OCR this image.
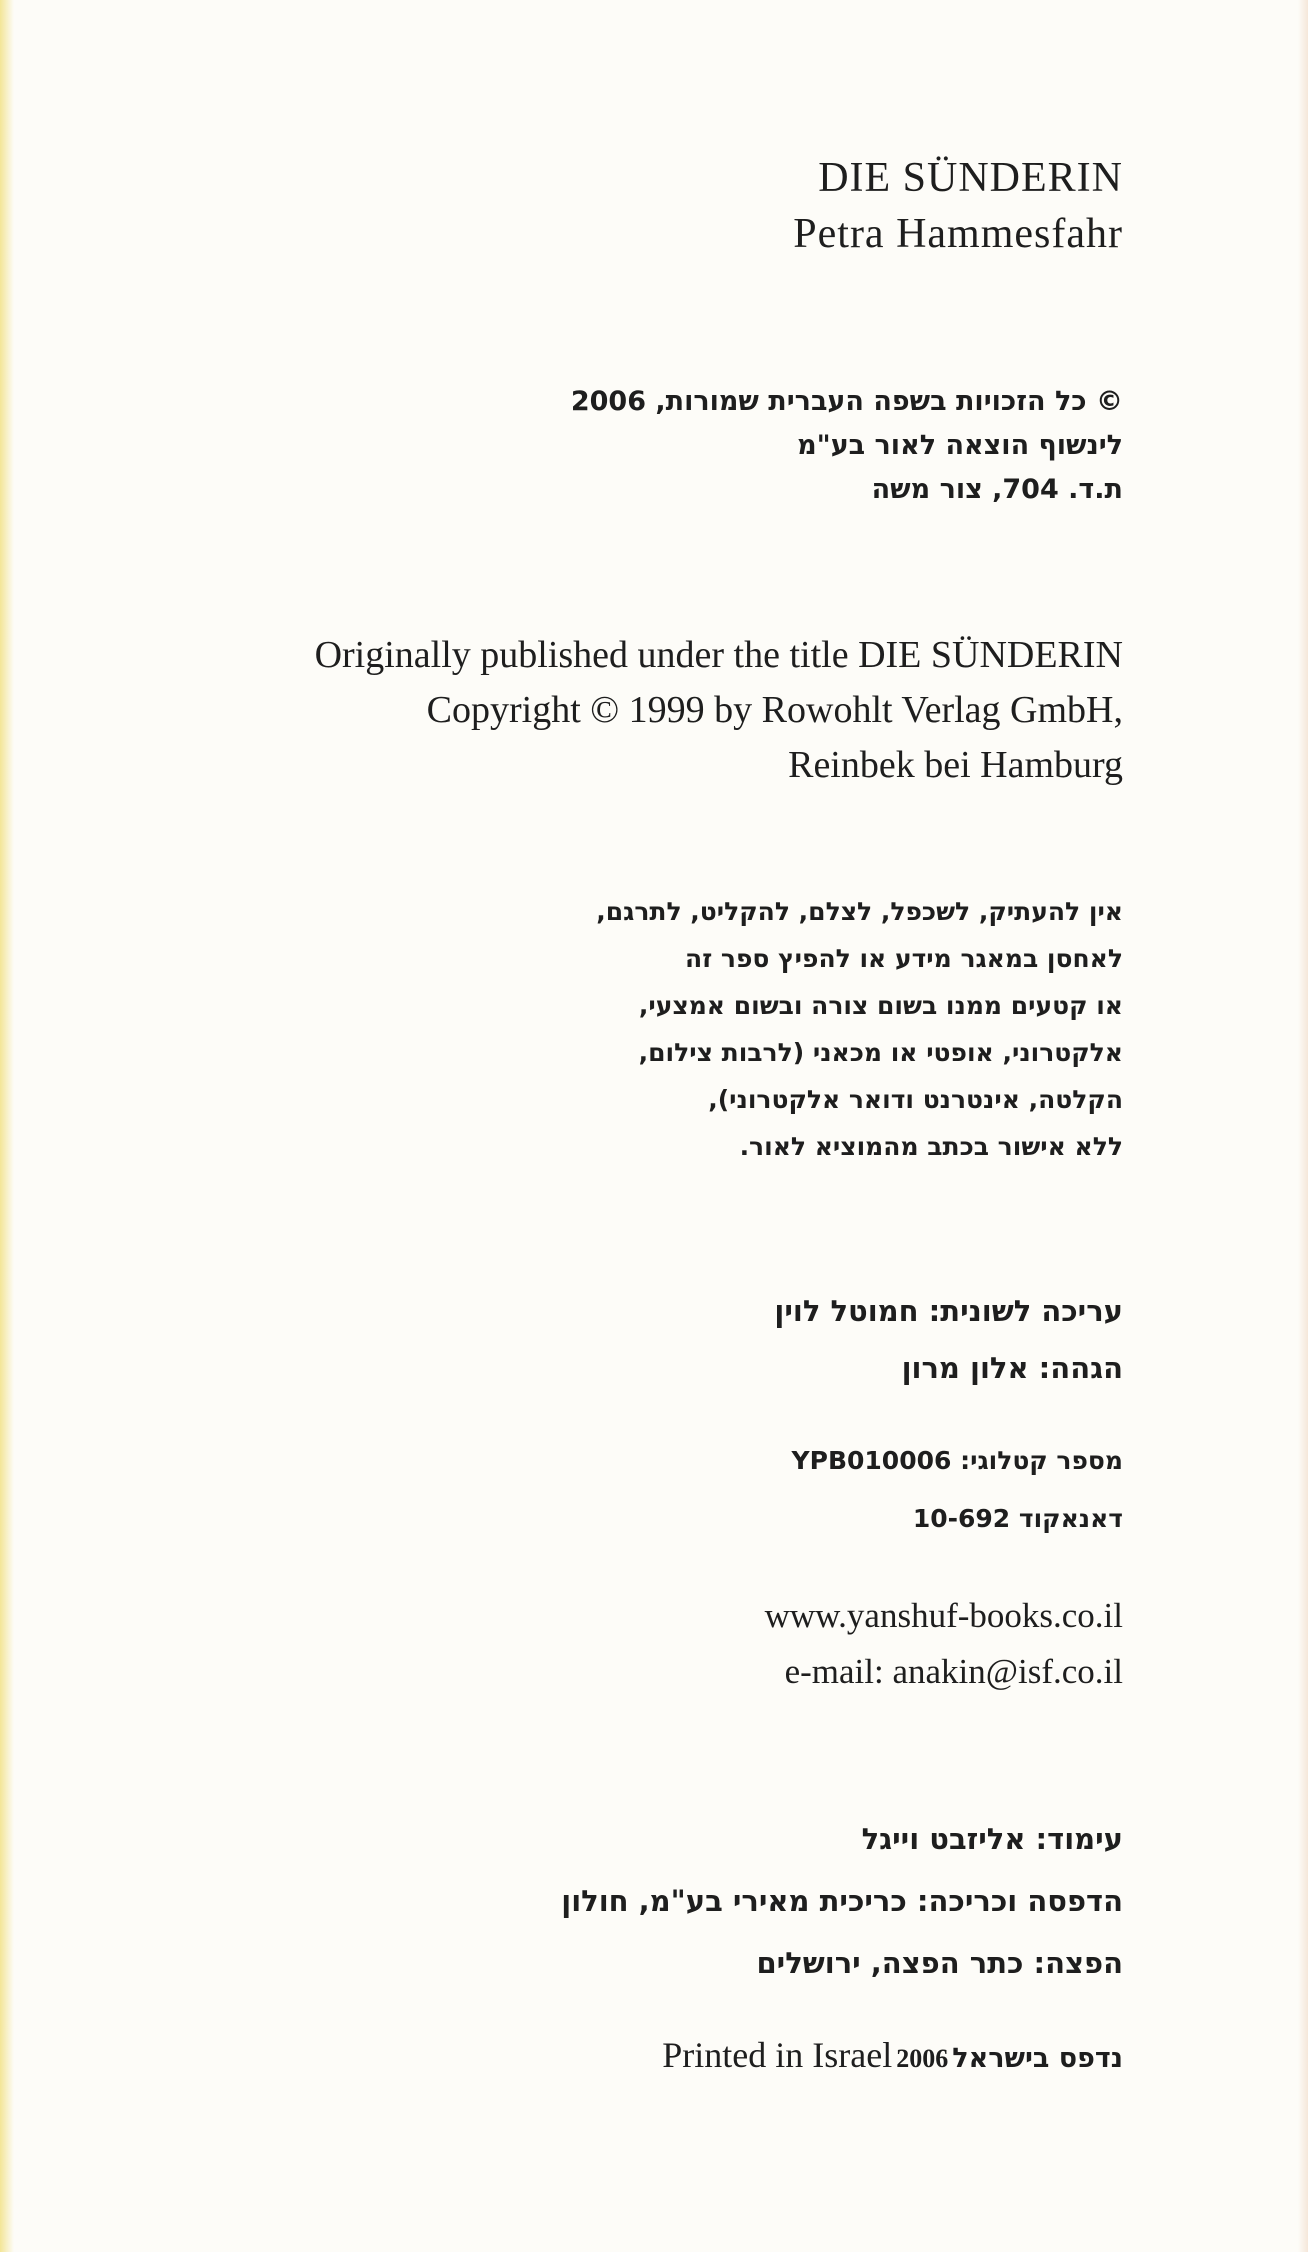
DIE SÜNDERIN
Petra Hammesfahr
© כל הזכויות בשפה העברית שמורות, 2006
לינשוף הוצאה לאור בע"מ
ת.ד. 704, צור משה
Originally published under the title DIE SÜNDERIN
Copyright © 1999 by Rowohlt Verlag GmbH,
Reinbek bei Hamburg
אין להעתיק, לשכפל, לצלם, להקליט, לתרגם,
לאחסן במאגר מידע או להפיץ ספר זה
או קטעים ממנו בשום צורה ובשום אמצעי,
אלקטרוני, אופטי או מכאני (לרבות צילום,
הקלטה, אינטרנט ודואר אלקטרוני),
ללא אישור בכתב מהמוציא לאור.
עריכה לשונית: חמוטל לוין
הגהה: אלון מרון
מספר קטלוגי: YPB010006
דאנאקוד 10-692
www.yanshuf-books.co.il
e-mail: anakin@isf.co.il
עימוד: אליזבט וייגל
הדפסה וכריכה: כריכית מאירי בע"מ, חולון
הפצה: כתר הפצה, ירושלים
Printed in Israel 2006 נדפס בישראל
